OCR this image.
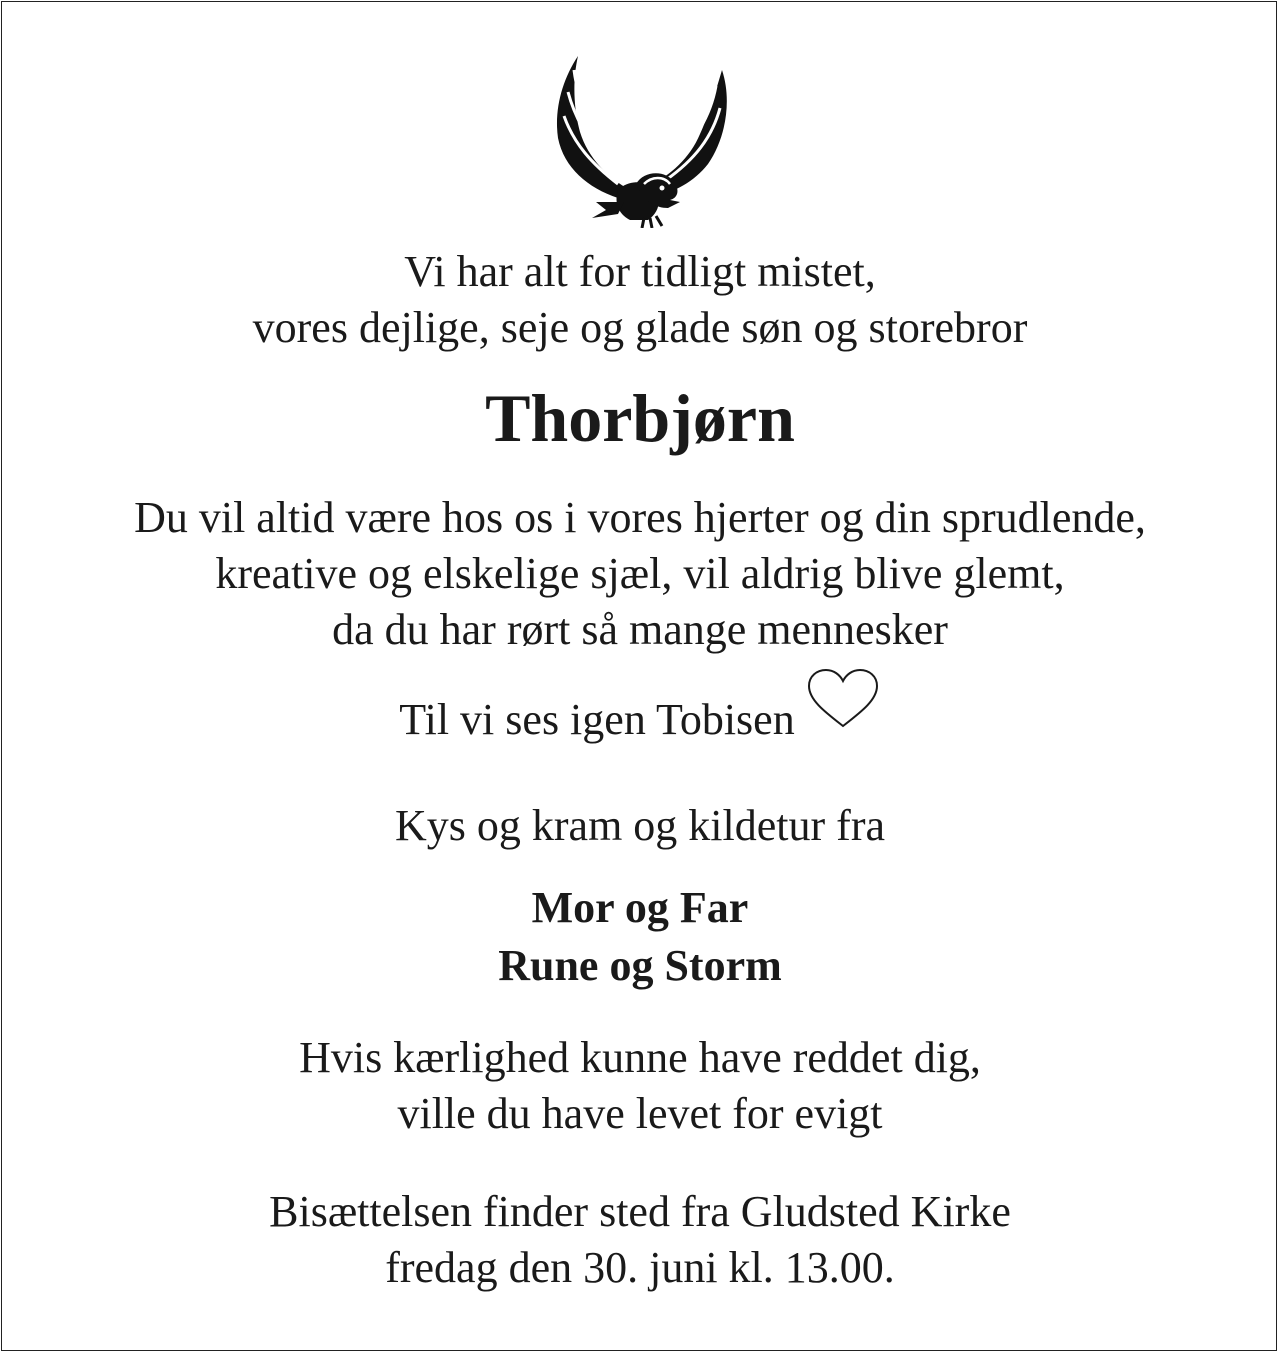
Vi har alt for tidligt mistet,
vores dejlige, seje og glade søn og storebror
Thorbjørn
Du vil altid være hos os i vores hjerter og din sprudlende,
kreative og elskelige sjæl, vil aldrig blive glemt,
da du har rørt så mange mennesker
Til vi ses igen Tobisen
Kys og kram og kildetur fra
Mor og Far
Rune og Storm
Hvis kærlighed kunne have reddet dig,
ville du have levet for evigt
Bisættelsen finder sted fra Gludsted Kirke
fredag den 30. juni kl. 13.00.
